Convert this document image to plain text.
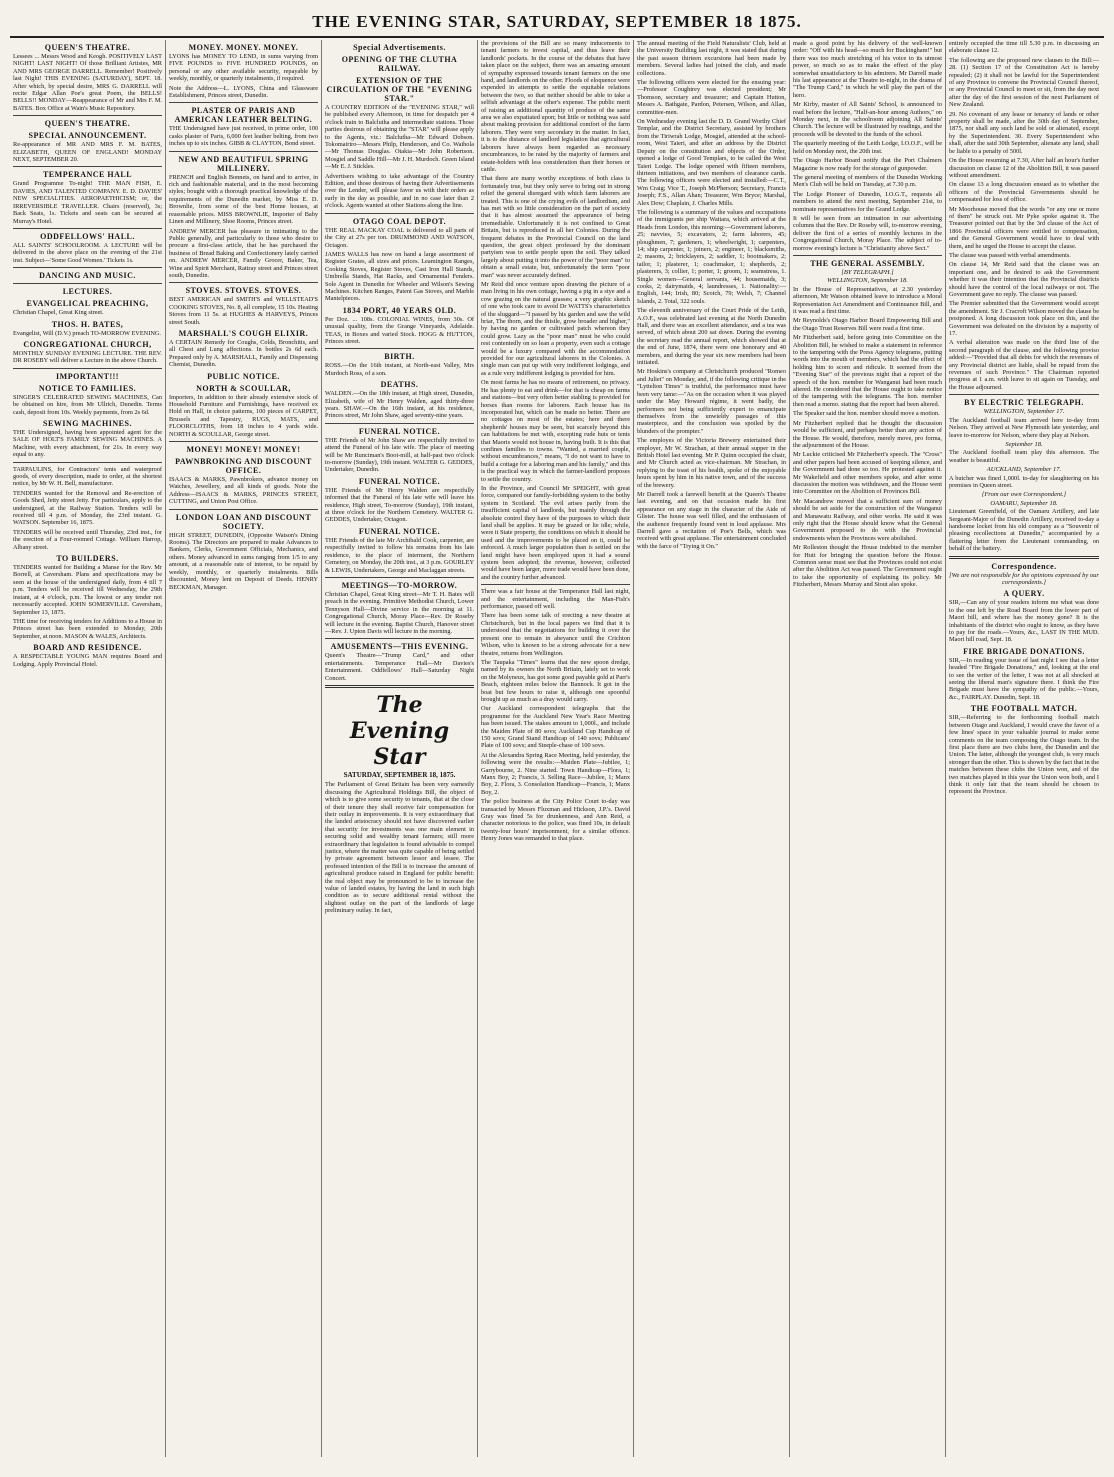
THE EVENING STAR, SATURDAY, SEPTEMBER 18 1875.
QUEEN'S THEATRE.

Lessees ... Messrs Wood and Keogh. POSITIVELY LAST NIGHT! LAST NIGHT! Of those Brilliant Artistes, MR AND MRS GEORGE DARRELL. Remember! Positively last Night! THIS EVENING (SATURDAY), SEPT. 18. After which, by special desire, MRS G. DARRELL will recite Edgar Allan Poe's great Poem, the BELLS! BELLS!! MONDAY—Reappearance of Mr and Mrs F. M. BATES. Box Office at Wain's Music Repository.

QUEEN'S THEATRE.
SPECIAL ANNOUNCEMENT.

Re-appearance of MR AND MRS F. M. BATES, ELIZABETH, QUEEN OF ENGLAND! MONDAY NEXT, SEPTEMBER 20.

TEMPERANCE HALL

Grand Programme To-night! THE MAN FISH, E. DAVIES, AND TALENTED COMPANY. E. D. DAVIES' NEW SPECIALITIES. AEROPAETHICISM; or, the IRREVERSIBLE TRAVELLER. Chairs (reserved), 3s; Back Seats, 1s. Tickets and seats can be secured at Murray's Hotel.

ODDFELLOWS' HALL.

ALL SAINTS' SCHOOLROOM. A LECTURE will be delivered in the above place on the evening of the 21st inst. Subject—'Some Good Women.' Tickets 1s.

DANCING AND MUSIC.
LECTURES.
EVANGELICAL PREACHING,

Christian Chapel, Great King street.

THOS. H. BATES,

Evangelist, Will (D.V.) preach TO-MORROW EVENING.

CONGREGATIONAL CHURCH,

MONTHLY SUNDAY EVENING LECTURE. THE REV. DR ROSEBY will deliver a Lecture in the above Church.

IMPORTANT!!!
NOTICE TO FAMILIES.

SINGER'S CELEBRATED SEWING MACHINES, Can be obtained on hire, from Mr Ullrich, Dunedin. Terms cash, deposit from 10s. Weekly payments, from 2s 6d.

SEWING MACHINES.

THE Undersigned, having been appointed agent for the SALE OF HOLT'S FAMILY SEWING MACHINES. A Machine, with every attachment, for 21s. In every way equal to any.

TARPAULINS, for Contractors' tents and waterproof goods, of every description, made to order, at the shortest notice, by Mr W. H. Bell, manufacturer.

TENDERS wanted for the Removal and Re-erection of Goods Shed, Jetty street Jetty. For particulars, apply to the undersigned, at the Railway Station. Tenders will be received till 4 p.m. of Monday, the 23rd instant. G. WATSON. September 16, 1875.

TENDERS will be received until Thursday, 23rd inst., for the erection of a Four-roomed Cottage. William Harrop, Albany street.

TO BUILDERS.

TENDERS wanted for Building a Manse for the Rev. Mr Borrell, at Caversham. Plans and specifications may be seen at the house of the undersigned daily, from 4 till 7 p.m. Tenders will be received till Wednesday, the 29th instant, at 4 o'clock, p.m. The lowest or any tender not necessarily accepted. JOHN SOMERVILLE. Caversham, September 13, 1875.

THE time for receiving tenders for Additions to a House in Princes street has been extended to Monday, 20th September, at noon. MASON & WALES, Architects.

BOARD AND RESIDENCE.

A RESPECTABLE YOUNG MAN requires Board and Lodging. Apply Provincial Hotel.

MONEY. MONEY. MONEY.

LYONS has MONEY TO LEND, in sums varying from FIVE POUNDS to FIVE HUNDRED POUNDS, on personal or any other available security, repayable by weekly, monthly, or quarterly instalments, if required.

Note the Address—L. LYONS, China and Glassware Establishment, Princes street, Dunedin.

PLASTER OF PARIS AND AMERICAN LEATHER BELTING.

THE Undersigned have just received, in prime order, 100 casks plaster of Paris, 6,000 feet leather belting, from two inches up to six inches. GIBB & CLAYTON, Bond street.

NEW AND BEAUTIFUL SPRING MILLINERY.

FRENCH and English Bonnets, on hand and to arrive, in rich and fashionable material, and in the most becoming styles; bought with a thorough practical knowledge of the requirements of the Dunedin market, by Miss E. D. Brownlie, from some of the best Home houses, at reasonable prices. MISS BROWNLIE, Importer of Baby Linen and Millinery, Shoe Rooms, Princes street.

ANDREW MERCER has pleasure in intimating to the Public generally, and particularly to those who desire to procure a first-class article, that he has purchased the business of Bread Baking and Confectionery lately carried on. ANDREW MERCER, Family Grocer, Baker, Tea, Wine and Spirit Merchant, Rattray street and Princes street south, Dunedin.

STOVES. STOVES. STOVES.

BEST AMERICAN and SMITH'S and WELLSTEAD'S COOKING STOVES, No. 8, all complete, 15 10s. Heating Stoves from 11 5s. at HUGHES & HARVEYS, Princes street South.

MARSHALL'S COUGH ELIXIR.

A CERTAIN Remedy for Coughs, Colds, Bronchitis, and all Chest and Lung affections. In bottles 2s 6d each. Prepared only by A. MARSHALL, Family and Dispensing Chemist, Dunedin.

PUBLIC NOTICE.
NORTH & SCOULLAR,

Importers, In addition to their already extensive stock of Household Furniture and Furnishings, have received ex Hold on Hall, in choice patterns, 100 pieces of CARPET, Brussels and Tapestry, RUGS, MATS, and FLOORCLOTHS, from 18 inches to 4 yards wide. NORTH & SCOULLAR, George street.

MONEY! MONEY! MONEY!
PAWNBROKING AND DISCOUNT OFFICE.

ISAACS & MARKS, Pawnbrokers, advance money on Watches, Jewellery, and all kinds of goods. Note the Address—ISAACS & MARKS, PRINCES STREET, CUTTING, and Union Post Office.

LONDON LOAN AND DISCOUNT SOCIETY.

HIGH STREET, DUNEDIN, (Opposite Watson's Dining Rooms). The Directors are prepared to make Advances to Bankers, Clerks, Government Officials, Mechanics, and others. Money advanced in sums ranging from 1/5 to any amount, at a reasonable rate of interest, to be repaid by weekly, monthly, or quarterly instalments. Bills discounted, Money lent on Deposit of Deeds. HENRY BECKMAN, Manager.

Special Advertisements.
OPENING OF THE CLUTHA RAILWAY.
EXTENSION OF THE CIRCULATION OF THE "EVENING STAR."

A COUNTRY EDITION of the "EVENING STAR," will be published every Afternoon, in time for despatch per 4 o'clock train to Balclutha and intermediate stations. Those parties desirous of obtaining the "STAR" will please apply to the Agents, viz.: Balclutha—Mr Edward Dobson. Tokomairiro—Messrs Philp, Henderson, and Co. Waihola—Mr Thomas Douglas. Otakia—Mr John Robertson. Mosgiel and Saddle Hill—Mr J. H. Murdoch. Green Island—Mr E. J. Stickles.

Advertisers wishing to take advantage of the Country Edition, and those desirous of having their Advertisements over the Lender, will please favor us with their orders as early in the day as possible, and in no case later than 2 o'clock. Agents wanted at other Stations along the line.

OTAGO COAL DEPOT.

THE REAL MACKAY COAL is delivered to all parts of the City at 27s per ton. DRUMMOND AND WATSON, Octagon.

JAMES WALLS has now on hand a large assortment of Register Grates, all sizes and prices. Leamington Ranges, Cooking Stoves, Register Stoves, Cast Iron Hall Stands, Umbrella Stands, Hat Racks, and Ornamental Fenders. Sole Agent in Dunedin for Wheeler and Wilson's Sewing Machines. Kitchen Ranges, Patent Gas Stoves, and Marble Mantelpieces.

1834 PORT, 40 YEARS OLD.

Per Doz. ... 108s. COLONIAL WINES, from 30s. Of unusual quality, from the Grange Vineyards, Adelaide. TEAS, in Boxes and varied Stock. HOGG & HUTTON, Princes street.

BIRTH.

ROSS.—On the 16th instant, at North-east Valley, Mrs Murdoch Ross, of a son.

DEATHS.

WALDEN.—On the 18th instant, at High street, Dunedin, Elizabeth, wife of Mr Henry Walden, aged thirty-three years. SHAW.—On the 16th instant, at his residence, Princes street, Mr John Shaw, aged seventy-nine years.

FUNERAL NOTICE.

THE Friends of Mr John Shaw are respectfully invited to attend the Funeral of his late wife. The place of meeting will be Mr Runciman's Boot-mill, at half-past two o'clock to-morrow (Sunday), 19th instant. WALTER G. GEDDES, Undertaker, Dunedin.

FUNERAL NOTICE.

THE Friends of Mr Henry Walden are respectfully informed that the Funeral of his late wife will leave his residence, High street, To-morrow (Sunday), 19th instant, at three o'clock for the Northern Cemetery. WALTER G. GEDDES, Undertaker, Octagon.

FUNERAL NOTICE.

THE Friends of the late Mr Archibald Cook, carpenter, are respectfully invited to follow his remains from his late residence, to the place of interment, the Northern Cemetery, on Monday, the 20th inst., at 3 p.m. GOURLEY & LEWIS, Undertakers, George and Maclaggan streets.

MEETINGS—TO-MORROW.

Christian Chapel, Great King street—Mr T. H. Bates will preach in the evening. Primitive Methodist Church, Lower Tennyson Hall—Divine service in the morning at 11. Congregational Church, Moray Place—Rev. Dr Roseby will lecture in the evening. Baptist Church, Hanover street—Rev. J. Upton Davis will lecture in the morning.

AMUSEMENTS—THIS EVENING.

Queen's Theatre—"Trump Card," and other entertainments. Temperance Hall—Mr Davies's Entertainment. Oddfellows' Hall—Saturday Night Concert.

The Evening Star
SATURDAY, SEPTEMBER 18, 1875.

The Parliament of Great Britain has been very earnestly discussing the Agricultural Holdings Bill, the object of which is to give some security to tenants, that at the close of their tenure they shall receive fair compensation for their outlay in improvements. It is very extraordinary that the landed aristocracy should not have discovered earlier that security for investments was one main element in securing solid and wealthy tenant farmers; still more extraordinary that legislation is found advisable to compel justice, where the matter was quite capable of being settled by private agreement between lessor and lessee. The professed intention of the Bill is to increase the amount of agricultural produce raised in England for public benefit: the real object may be pronounced to be to increase the value of landed estates, by having the land in such high condition as to secure additional rental without the slightest outlay on the part of the landlords of large preliminary outlay. In fact,

the provisions of the Bill are so many inducements to tenant farmers to invest capital, and thus leave their landlords' pockets. In the course of the debates that have taken place on the subject, there was an amazing amount of sympathy expressed towards tenant farmers on the one hand, and landlords on the other. Floods of eloquence were expended in attempts to settle the equitable relations between the two, so that neither should be able to take a selfish advantage at the other's expense. The public merit of raising an additional quantity of produce of the same area we also expatiated upon; but little or nothing was said about making provision for additional comfort of the farm laborers. They were very secondary in the matter. In fact, it is to the distance of landlord legislation that agricultural laborers have always been regarded as necessary encumbrances, to be rated by the majority of farmers and estate-holders with less consideration than their horses or cattle.

That there are many worthy exceptions of both class is fortunately true, but they only serve to bring out in strong relief the general disregard with which farm laborers are treated. This is one of the crying evils of landlordism, and has met with so little consideration on the part of society that it has almost assumed the appearance of being irremediable. Unfortunately it is not confined to Great Britain, but is reproduced in all her Colonies. During the frequent debates in the Provincial Council on the land question, the great object professed by the dominant partyism was to settle people upon the soil. They talked largely about putting it into the power of the "poor man" to obtain a small estate, but, unfortunately the term "poor man" was never accurately defined.

Mr Reid did once venture upon drawing the picture of a man living in his own cottage, having a pig in a stye and a cow grazing on the natural grasses; a very graphic sketch of one who took care to avoid Dr WATTS's characteristics of the sluggard—"I passed by his garden and saw the wild briar, The thorn, and the thistle, grow broader and higher," by having no garden or cultivated patch whereon they could grow. Lazy as the "poor man" must be who could rest contentedly on so lean a property, even such a cottage would be a luxury compared with the accommodation provided for our agricultural laborers in the Colonies. A single man can put up with very indifferent lodgings, and as a rule very indifferent lodging is provided for him.

On most farms he has no means of retirement, no privacy. He has plenty to eat and drink—for that is cheap on farms and stations—but very often better stabling is provided for horses than rooms for laborers. Each house has its incorporated hut, which can be made no better. There are no cottages on most of the estates; here and there shepherds' houses may be seen, but scarcely beyond this can habitations be met with, excepting rude huts or tents that Maoris would not house in, having built. It is this that confines families to towns. "Wanted, a married couple, without encumbrances," means, "I do not want to have to build a cottage for a laboring man and his family," and this is the practical way in which the farmer-landlord proposes to settle the country.

In the Province, and Council Mr SPEIGHT, with great force, compared our family-forbidding system to the bothy system in Scotland. The evil arises partly from the insufficient capital of landlords, but mainly through the absolute control they have of the purposes to which their land shall be applies. It may be grazed or lie idle; while, were it State property, the conditions on which it should be used and the improvements to be placed on it, could be enforced. A much larger population than is settled on the land might have been employed upon it had a sound system been adopted; the revenue, however, collected would have been larger, more trade would have been done, and the country further advanced.

There was a fair house at the Temperance Hall last night, and the entertainment, including the Man-Fish's performance, passed off well.

There has been some talk of erecting a new theatre at Christchurch, but in the local papers we find that it is understood that the negotiations for building it over the present one to remain in abeyance until the Crichton Wilson, who is known to be a strong advocate for a new theatre, returns from Wellington.

The Taupaka "Times" learns that the new spoon dredge, named by its owners the North Britain, lately set to work on the Molyneux, has got some good payable gold at Parr's Beach, eighteen miles below the Bannock. It got in the boat but few hours to raise it, although one spoonful brought up as much as a dray would carry.

Our Auckland correspondent telegraphs that the programme for the Auckland New Year's Race Meeting has been issued. The stakes amount to 1,000l., and include the Maiden Plate of 80 sovs; Auckland Cup Handicap of 150 sovs; Grand Stand Handicap of 140 sovs; Publicans' Plate of 100 sovs; and Steeple-chase of 100 sovs.

At the Alexandra Spring Race Meeting, held yesterday, the following were the results:—Maiden Plate—Jubilee, 1; Garrybourne, 2. Nine started. Town Handicap—Flora, 1; Manx Boy, 2; Francis, 3. Selling Race—Jubilee, 1; Manx Boy, 2. Flora, 3. Consolation Handicap—Francis, 1; Manx Boy, 2.

The police business at the City Police Court to-day was transacted by Messrs Fluxman and Hickson, J.P.'s. David Gray was fined 5s for drunkenness, and Ann Reid, a character notorious to the police, was fined 10s, in default twenty-four hours' imprisonment, for a similar offence. Henry Jones was remanded to that place.

The annual meeting of the Field Naturalists' Club, held at the University Building last night, it was stated that during the past season thirteen excursions had been made by members. Several ladies had joined the club, and made collections.

The following officers were elected for the ensuing year:—Professor Coughtrey was elected president; Mr Thomson, secretary and treasurer; and Captain Hutton, Messrs A. Bathgate, Pardon, Petersen, Wilson, and Allan, committee-men.

On Wednesday evening last the D. D. Grand Worthy Chief Templar, and the District Secretary, assisted by brothers from the Tiriwrah Lodge, Mosgiel, attended at the school-room, West Taieri, and after an address by the District Deputy on the constitution and objects of the Order, opened a lodge of Good Templars, to be called the West Taieri Lodge. The lodge opened with fifteen members, thirteen initiations, and two members of clearance cards. The following officers were elected and installed:—C.T., Wm Craig; Vice T., Joseph McPherson; Secretary, Francis Joseph; F.S., Allan Ahan; Treasurer, Wm Bryce; Marshal, Alex Dow; Chaplain, J. Charles Mills.

The following is a summary of the values and occupations of the immigrants per ship Waitara, which arrived at the Heads from London, this morning:—Government laborers, 25; navvies, 5; excavators, 2; farm laborers, 45; ploughmen, 7; gardeners, 1; wheelwright, 1; carpenters, 14; ship carpenter, 1; joiners, 2; engineer, 1; blacksmiths, 2; masons, 2; bricklayers, 2; saddler, 1; bootmakers, 2; tailor, 1; plasterer, 1; coachmaker, 1; shepherds, 2; plasterers, 3; collier, 1; porter, 1; groom, 1; seamstress, 1. Single women—General servants, 44; housemaids, 3; cooks, 2; dairymaids, 4; laundresses, 1. Nationality:—English, 144; Irish, 80; Scotch, 79; Welsh, 7; Channel Islands, 2. Total, 322 souls.

The eleventh anniversary of the Court Pride of the Leith, A.O.F., was celebrated last evening at the North Dunedin Hall, and there was an excellent attendance, and a tea was served, of which about 200 sat down. During the evening the secretary read the annual report, which showed that at the end of June, 1874, there were one honorary and 40 members, and during the year six new members had been initiated.

Mr Hoskins's company at Christchurch produced "Romeo and Juliet" on Monday, and, if the following critique in the "Lyttelton Times" is truthful, the performance must have been very tame:—"As on the occasion when it was played under the May Howard régime, it went badly, the performers not being sufficiently expert to emancipate themselves from the unwieldy passages of this masterpiece, and the conclusion was spoiled by the blunders of the prompter."

The employes of the Victoria Brewery entertained their employer, Mr W. Strachan, at their annual supper in the British Hotel last evening. Mr P. Quinn occupied the chair, and Mr Church acted as vice-chairman. Mr Strachan, in replying to the toast of his health, spoke of the enjoyable hours spent by him in his native town, and of the success of the brewery.

Mr Darrell took a farewell benefit at the Queen's Theatre last evening, and on that occasion made his first appearance on any stage in the character of the Aide of Glister. The house was well filled, and the enthusiasm of the audience frequently found vent in loud applause. Mrs Darrell gave a recitation of Poe's Bells, which was received with great applause. The entertainment concluded with the farce of "Trying it On."

made a good point by his delivery of the well-known order: "Off with his head—so much for Buckingham!" but there was too much stretching of his voice to its utmost power, so much so as to make the effect of the play somewhat unsatisfactory to his admirers. Mr Darrell made his last appearance at the Theatre to-night, in the drama of "The Trump Card," in which he will play the part of the hero.

Mr Kirby, master of All Saints' School, is announced to read before the lecture, "Half-an-hour among Authors," on Monday next, in the schoolroom adjoining All Saints' Church. The lecture will be illustrated by readings, and the proceeds will be devoted to the funds of the school.

The quarterly meeting of the Leith Lodge, I.O.O.F., will be held on Monday next, the 20th inst.

The Otago Harbor Board notify that the Port Chalmers Magazine is now ready for the storage of gunpowder.

The general meeting of members of the Dunedin Working Men's Club will be held on Tuesday, at 7.30 p.m.

The Lodge Pioneer of Dunedin, I.O.G.T., requests all members to attend the next meeting, September 21st, to nominate representatives for the Grand Lodge.

It will be seen from an intimation in our advertising columns that the Rev. Dr Roseby will, to-morrow evening, deliver the first of a series of monthly lectures in the Congregational Church, Moray Place. The subject of to-morrow evening's lecture is "Christianity above Sect."

THE GENERAL ASSEMBLY.
[BY TELEGRAPH.]
WELLINGTON, September 18.

In the House of Representatives, at 2.30 yesterday afternoon, Mr Watson obtained leave to introduce a Moral Representation Act Amendment and Continuance Bill, and it was read a first time.

Mr Reynolds's Otago Harbor Board Empowering Bill and the Otago Trust Reserves Bill were read a first time.

Mr Fitzherbert said, before going into Committee on the Abolition Bill, he wished to make a statement in reference to the tampering with the Press Agency telegrams, putting words into the mouth of members, which had the effect of holding him to scorn and ridicule. It seemed from the "Evening Star" of the previous night that a report of the speech of the hon. member for Wanganui had been much altered. He considered that the House ought to take notice of the tampering with the telegrams. The hon. member then read a memo. stating that the report had been altered.

The Speaker said the hon. member should move a motion.

Mr Fitzherbert replied that he thought the discussion would be sufficient, and perhaps better than any action of the House. He would, therefore, merely move, pro forma, the adjournment of the House.

Mr Luckie criticised Mr Fitzherbert's speech. The "Cross" and other papers had been accused of keeping silence, and the Government had done so too. He protested against it. Mr Wakefield and other members spoke, and after some discussion the motion was withdrawn, and the House went into Committee on the Abolition of Provinces Bill.

Mr Macandrew moved that a sufficient sum of money should be set aside for the construction of the Wanganui and Manawatu Railway, and other works. He said it was only right that the House should know what the General Government proposed to do with the Provincial endowments when the Provinces were abolished.

Mr Rolleston thought the House indebted to the member for Hutt for bringing the question before the House. Common sense must see that the Provinces could not exist after the Abolition Act was passed. The Government ought to take the opportunity of explaining its policy. Mr Fitzherbert, Messrs Murray and Stout also spoke.

entirely occupied the time till 5.30 p.m. in discussing an elaborate clause 12.

The following are the proposed new clauses to the Bill:—28. (1) Section 17 of the Constitution Act is hereby repealed; (2) it shall not be lawful for the Superintendent of any Province to convene the Provincial Council thereof, or any Provincial Council to meet or sit, from the day next after the day of the first session of the next Parliament of New Zealand.

29. No covenant of any lease or tenancy of lands or other property shall be made, after the 30th day of September, 1875, nor shall any such land be sold or alienated, except by the Superintendent. 30. Every Superintendent who shall, after the said 30th September, alienate any land, shall be liable to a penalty of 500l.

On the House resuming at 7.30, After half an hour's further discussion on clause 12 of the Abolition Bill, it was passed without amendment.

On clause 13 a long discussion ensued as to whether the officers of the Provincial Governments should be compensated for loss of office.

Mr Moorhouse moved that the words "or any one or more of them" be struck out. Mr Pyke spoke against it. The Treasurer pointed out that by the 3rd clause of the Act of 1866 Provincial officers were entitled to compensation, and the General Government would have to deal with them, and he urged the House to accept the clause.

The clause was passed with verbal amendments.

On clause 14, Mr Reid said that the clause was an important one, and he desired to ask the Government whether it was their intention that the Provincial districts should have the control of the local railways or not. The Government gave no reply. The clause was passed.

The Premier submitted that the Government would accept the amendment. Sir J. Cracroft Wilson moved the clause be postponed. A long discussion took place on this, and the Government was defeated on the division by a majority of 17.

A verbal alteration was made on the third line of the second paragraph of the clause, and the following proviso added:—"Provided that all debts for which the revenues of any Provincial district are liable, shall be repaid from the revenues of such Province." The Chairman reported progress at 1 a.m. with leave to sit again on Tuesday, and the House adjourned.

BY ELECTRIC TELEGRAPH.
WELLINGTON, September 17.

The Auckland football team arrived here to-day from Nelson. They arrived at New Plymouth late yesterday, and leave to-morrow for Nelson, where they play at Nelson.

September 18.

The Auckland football team play this afternoon. The weather is beautiful.

AUCKLAND, September 17.

A butcher was fined 1,000l. to-day for slaughtering on his premises in Queen street.

[From our own Correspondent.]
OAMARU, September 18.

Lieutenant Greenfield, of the Oamaru Artillery, and late Sergeant-Major of the Dunedin Artillery, received to-day a handsome locket from his old company as a "Souvenir of pleasing recollections at Dunedin," accompanied by a flattering letter from the Lieutenant commanding, on behalf of the battery.

Correspondence.
[We are not responsible for the opinions expressed by our correspondents.]
A QUERY.

SIR,—Can any of your readers inform me what was done to the one left by the Road Board from the lower part of Maori hill, and where has the money gone? It is the inhabitants of the district who ought to know, as they have to pay for the roads.—Yours, &c., LAST IN THE MUD. Maori hill road, Sept. 18.

FIRE BRIGADE DONATIONS.

SIR,—In reading your issue of last night I see that a letter headed "Fire Brigade Donations," and, looking at the end to see the writer of the letter, I was not at all shocked at seeing the liberal man's signature there. I think the Fire Brigade must have the sympathy of the public.—Yours, &c., FAIRPLAY. Dunedin, Sept. 18.

THE FOOTBALL MATCH.

SIR,—Referring to the forthcoming football match between Otago and Auckland, I would crave the favor of a few lines' space in your valuable journal to make some comments on the team composing the Otago team. In the first place there are two clubs here, the Dunedin and the Union. The latter, although the youngest club, is very much stronger than the other. This is shown by the fact that in the matches between these clubs the Union won, and of the two matches played in this year the Union won both, and I think it only fair that the team should be chosen to represent the Province.
